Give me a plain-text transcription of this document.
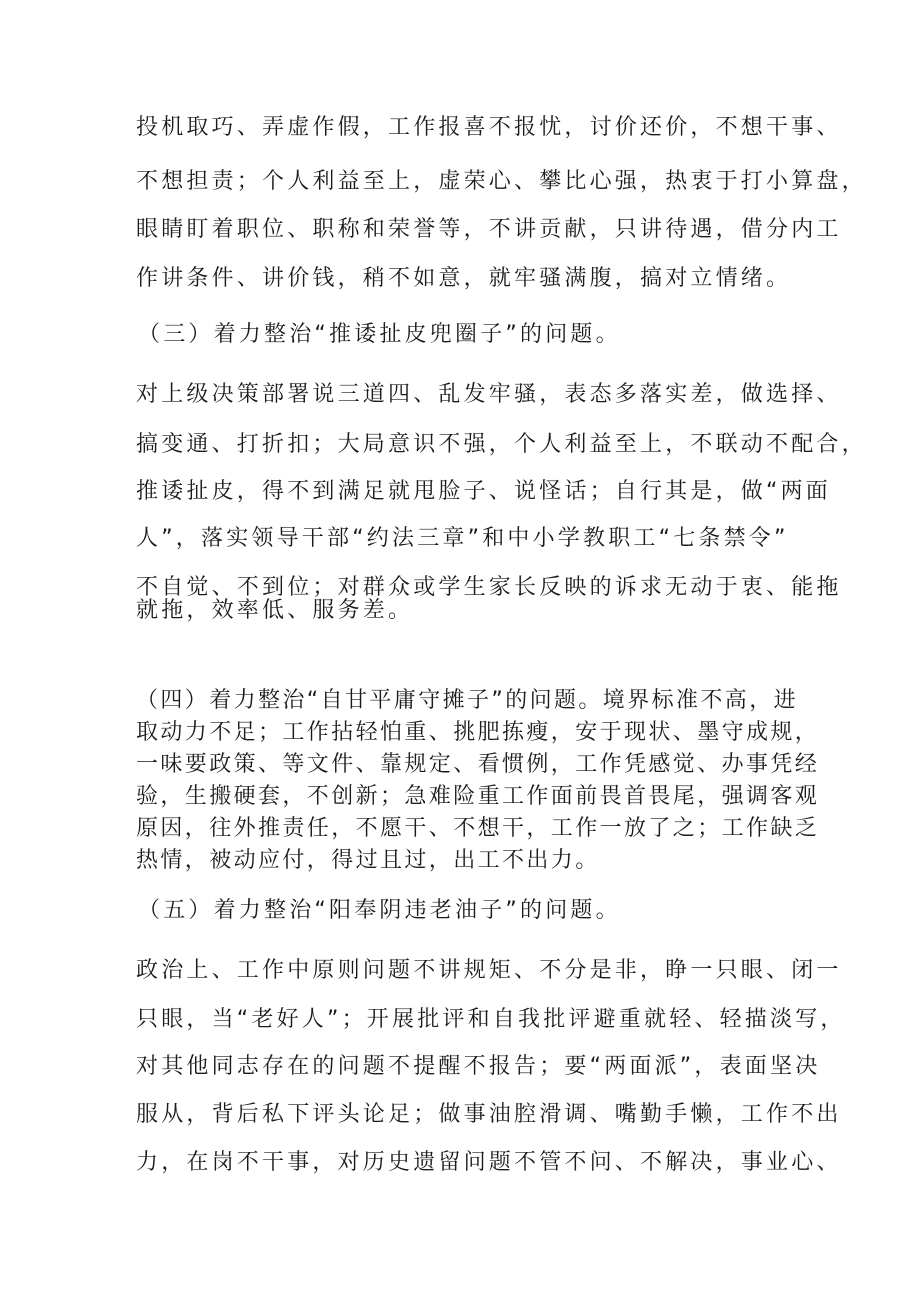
投机取巧、弄虚作假，工作报喜不报忧，讨价还价，不想干事、

不想担责；个人利益至上，虚荣心、攀比心强，热衷于打小算盘，

眼睛盯着职位、职称和荣誉等，不讲贡献，只讲待遇，借分内工

作讲条件、讲价钱，稍不如意，就牢骚满腹，搞对立情绪。

（三）着力整治“推诿扯皮兜圈子”的问题。

对上级决策部署说三道四、乱发牢骚，表态多落实差，做选择、

搞变通、打折扣；大局意识不强，个人利益至上，不联动不配合，

推诿扯皮，得不到满足就甩脸子、说怪话；自行其是，做“两面

人”，落实领导干部“约法三章”和中小学教职工“七条禁令”

不自觉、不到位；对群众或学生家长反映的诉求无动于衷、能拖

就拖，效率低、服务差。

（四）着力整治“自甘平庸守摊子”的问题。境界标准不高，进

取动力不足；工作拈轻怕重、挑肥拣瘦，安于现状、墨守成规，

一味要政策、等文件、靠规定、看惯例，工作凭感觉、办事凭经

验，生搬硬套，不创新；急难险重工作面前畏首畏尾，强调客观

原因，往外推责任，不愿干、不想干，工作一放了之；工作缺乏

热情，被动应付，得过且过，出工不出力。

（五）着力整治“阳奉阴违老油子”的问题。

政治上、工作中原则问题不讲规矩、不分是非，睁一只眼、闭一

只眼，当“老好人”；开展批评和自我批评避重就轻、轻描淡写，

对其他同志存在的问题不提醒不报告；要“两面派”，表面坚决

服从，背后私下评头论足；做事油腔滑调、嘴勤手懒，工作不出

力，在岗不干事，对历史遗留问题不管不问、不解决，事业心、
